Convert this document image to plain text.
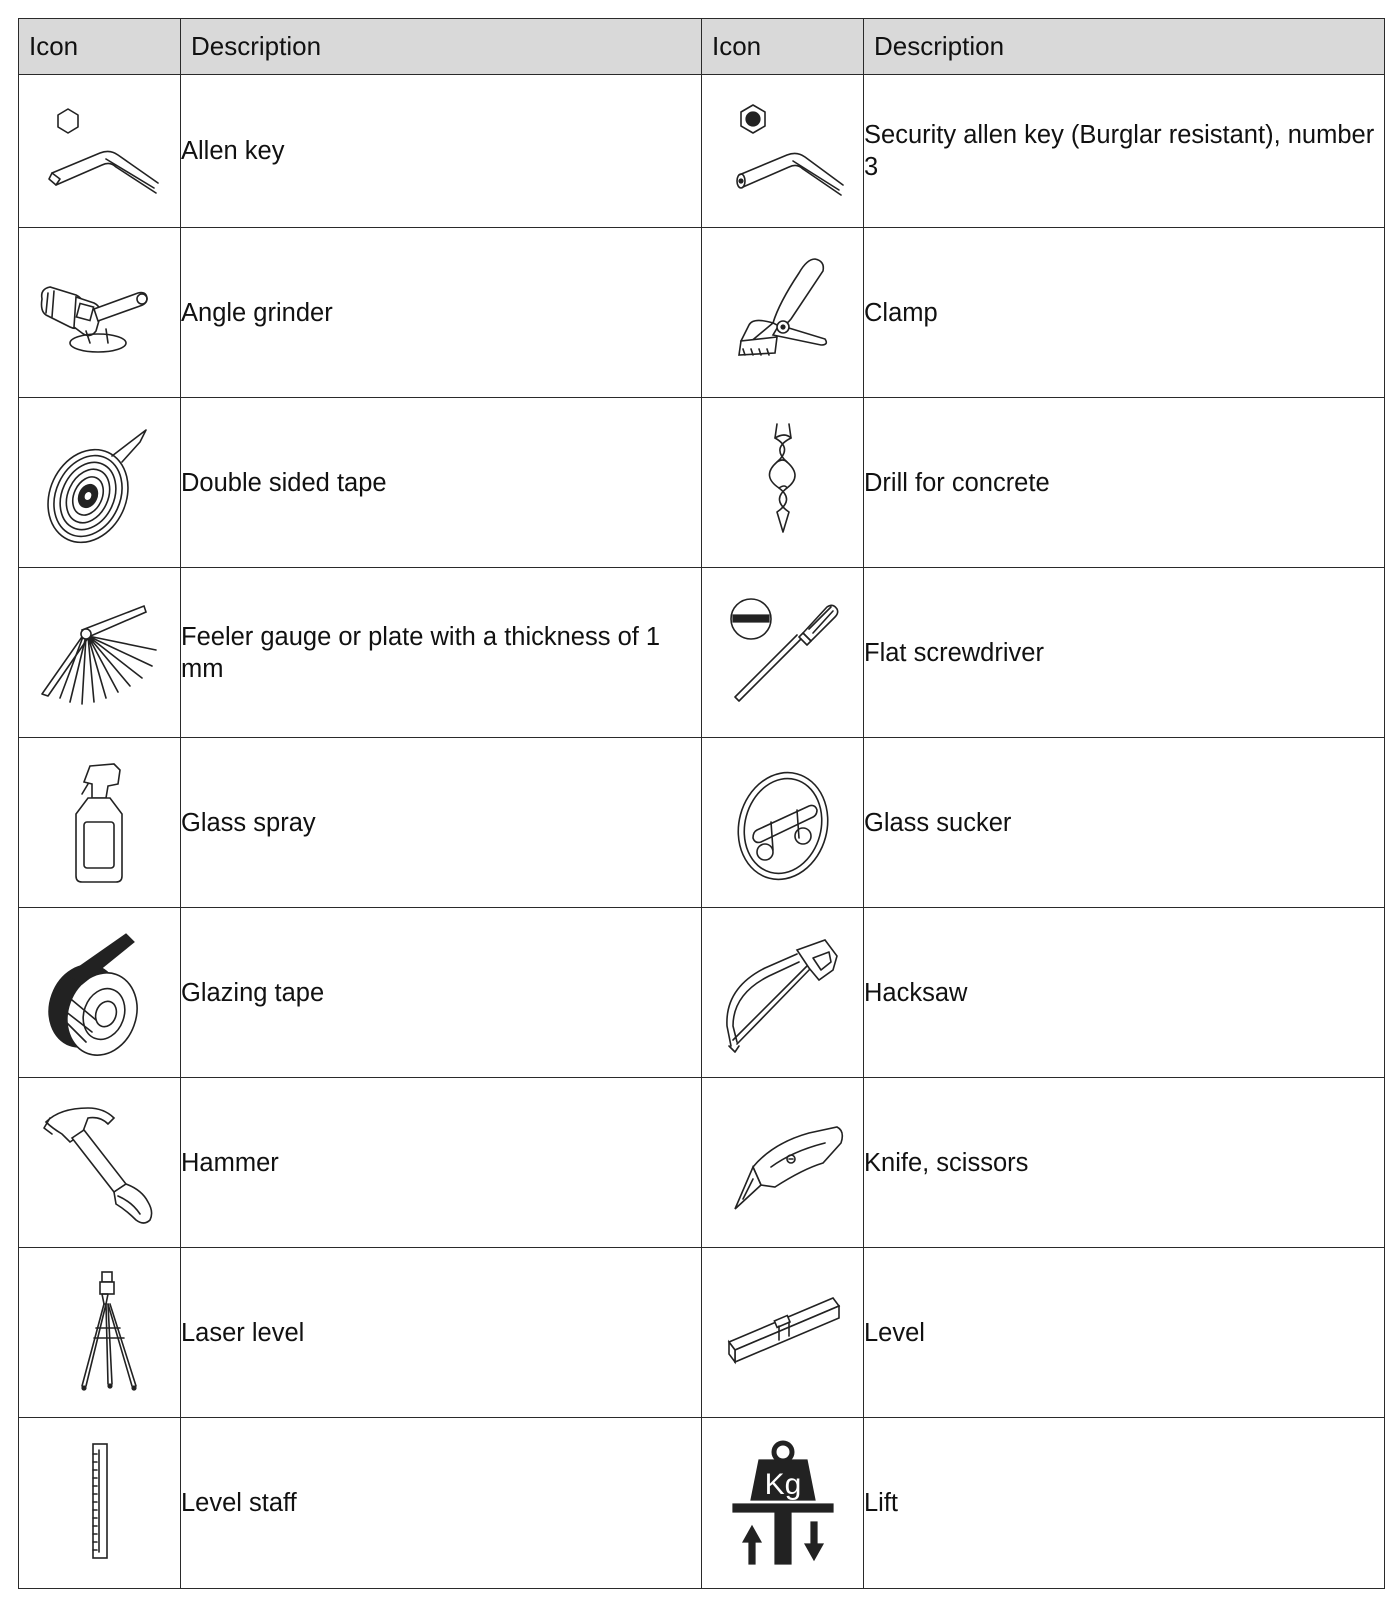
Icon	Description	Icon	Description

	Allen key		Security allen key (Burglar resistant), number 3

	Angle grinder		Clamp

	Double sided tape		Drill for concrete

	Feeler gauge or plate with a thickness of 1 mm		Flat screwdriver

	Glass spray		Glass sucker

	Glazing tape		Hacksaw

	Hammer		Knife, scissors

	Laser level		Level

	Level staff	Kg	Lift
